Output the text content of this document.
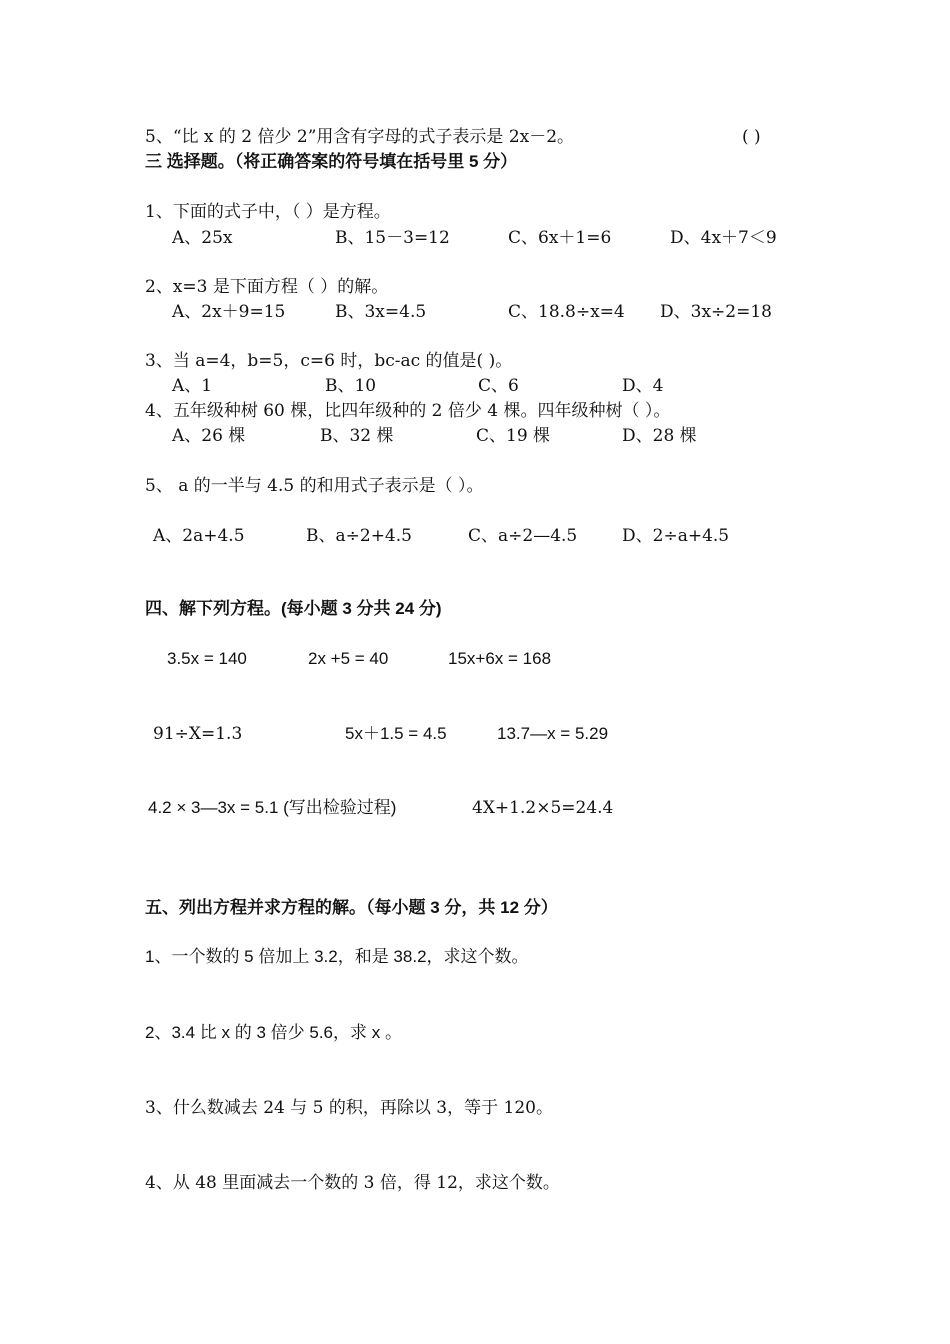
5、“比 x 的 2 倍少 2”用含有字母的式子表示是 2x－2。	( )
三 选择题。（将正确答案的符号填在括号里 5 分）
1、下面的式子中，（ ）是方程。
A、25x	B、15－3=12	C、6x＋1=6	D、4x＋7＜9
2、x=3 是下面方程（ ）的解。
A、2x＋9=15	B、3x=4.5	C、18.8÷x=4 D、3x÷2=18
3、当 a=4，b=5，c=6 时，bc-ac 的值是( )。
A、1	B、10	C、6	D、4
4、五年级种树 60 棵，比四年级种的 2 倍少 4 棵。四年级种树（ ）。
A、26 棵	B、32 棵	C、19 棵	D、28 棵
5、 a 的一半与 4.5 的和用式子表示是（ ）。
A、2a+4.5	B、a÷2+4.5	C、a÷2—4.5	D、2÷a+4.5
四、解下列方程。(每小题 3 分共 24 分)
3.5x = 140	2x +5 = 40	15x+6x = 168
91÷X=1.3	5x＋1.5 = 4.5	13.7—x = 5.29
4.2 × 3—3x = 5.1 (写出检验过程)	4X+1.2×5=24.4
五、列出方程并求方程的解。（每小题 3 分，共 12 分）
1、一个数的 5 倍加上 3.2，和是 38.2，求这个数。
2、3.4 比 x 的 3 倍少 5.6，求 x 。
3、什么数减去 24 与 5 的积，再除以 3，等于 120。
4、从 48 里面减去一个数的 3 倍，得 12，求这个数。
